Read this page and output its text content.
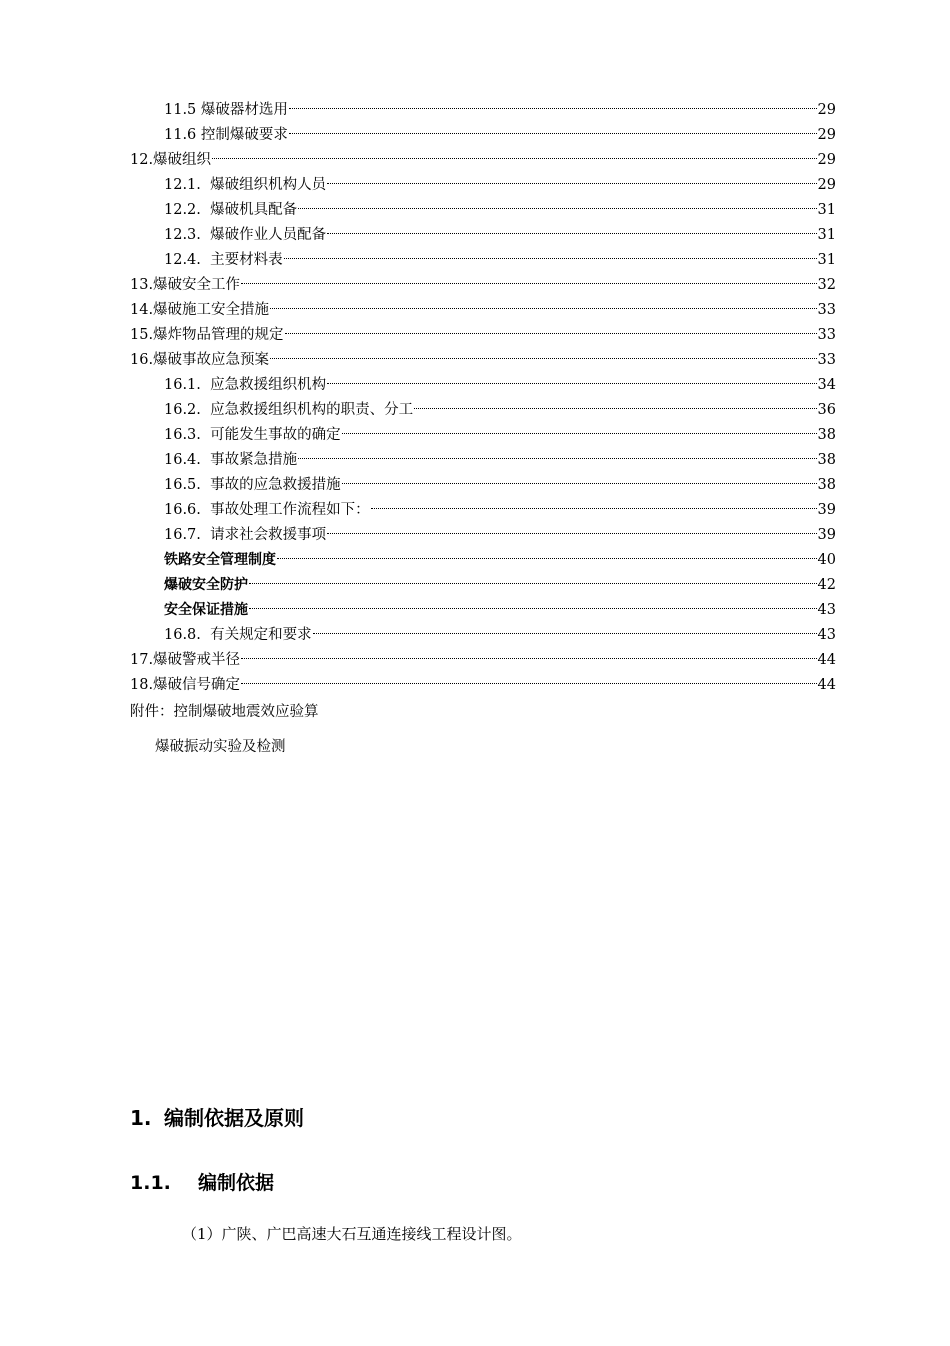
11.5 爆破器材选用	29
11.6 控制爆破要求	29
12.爆破组织	29
12.1.  爆破组织机构人员	29
12.2.  爆破机具配备	31
12.3.  爆破作业人员配备	31
12.4.  主要材料表	31
13.爆破安全工作	32
14.爆破施工安全措施	33
15.爆炸物品管理的规定	33
16.爆破事故应急预案	33
16.1.  应急救援组织机构	34
16.2.  应急救援组织机构的职责、分工	36
16.3.  可能发生事故的确定	38
16.4.  事故紧急措施	38
16.5.  事故的应急救援措施	38
16.6.  事故处理工作流程如下：	39
16.7.  请求社会救援事项	39
铁路安全管理制度	40
爆破安全防护	42
安全保证措施	43
16.8.  有关规定和要求	43
17.爆破警戒半径	44
18.爆破信号确定	44
附件：控制爆破地震效应验算
爆破振动实验及检测
1. 编制依据及原则
1.1. 编制依据
（1）广陕、广巴高速大石互通连接线工程设计图。
